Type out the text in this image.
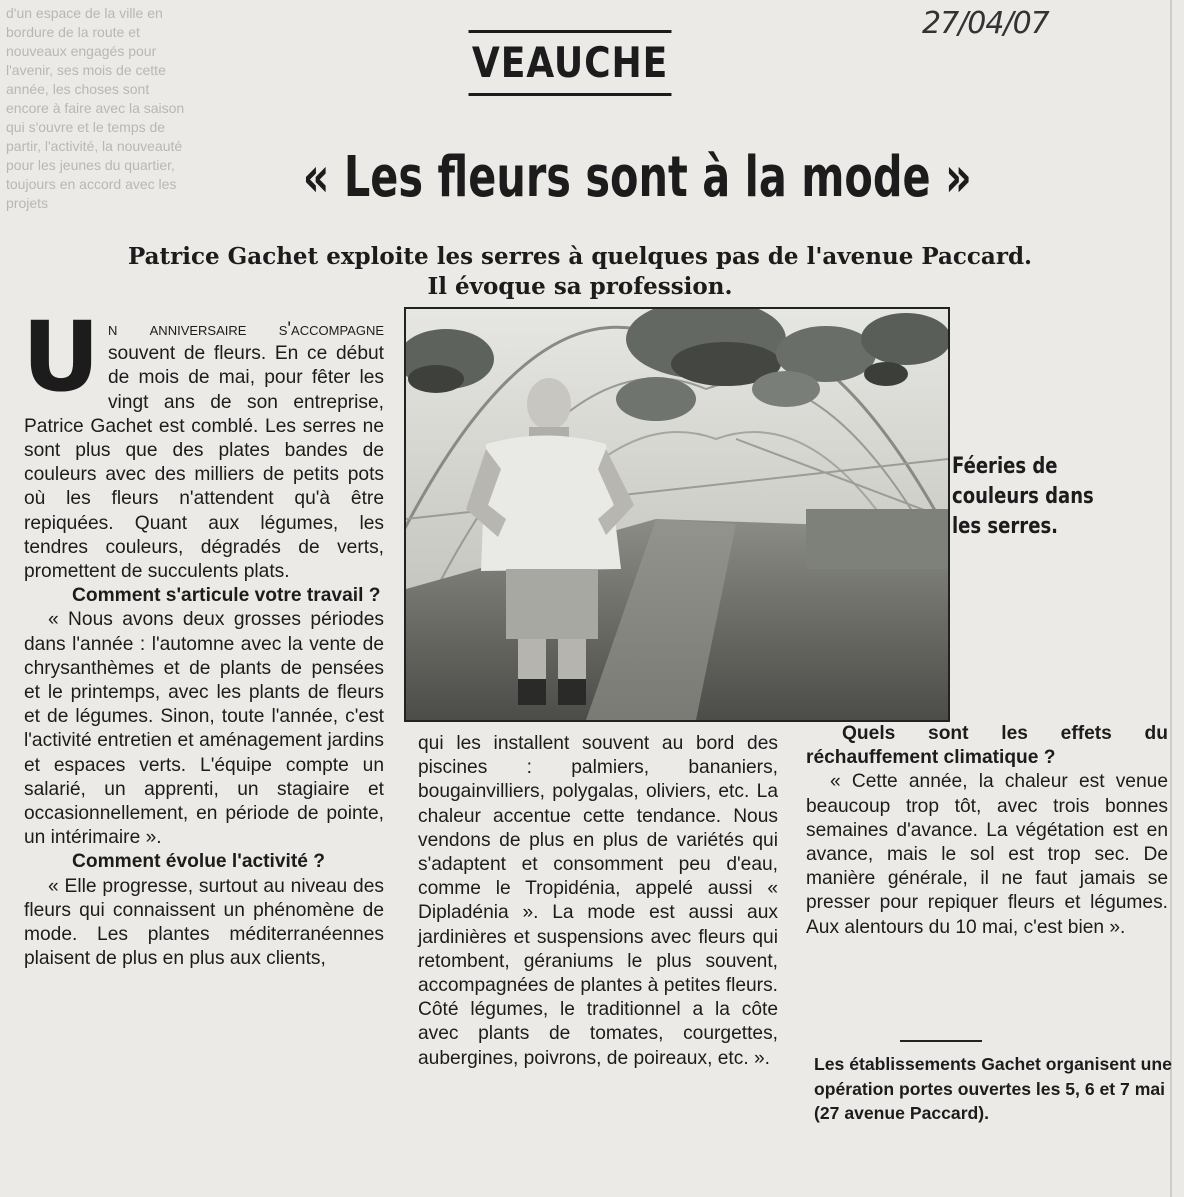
d'un espace de la ville en bordure de la route et nouveaux engagés pour l'avenir, ses mois de cette année, les choses sont encore à faire avec la saison qui s'ouvre et le temps de partir, l'activité, la nouveauté pour les jeunes du quartier, toujours en accord avec les projets
27/04/07
VEAUCHE
« Les fleurs sont à la mode »
Patrice Gachet exploite les serres à quelques pas de l'avenue Paccard.
Il évoque sa profession.

Un anniversaire s'accompagne souvent de fleurs. En ce début de mois de mai, pour fêter les vingt ans de son entreprise, Patrice Gachet est comblé. Les serres ne sont plus que des plates bandes de couleurs avec des milliers de petits pots où les fleurs n'attendent qu'à être repiquées. Quant aux légumes, les tendres couleurs, dégradés de verts, promettent de succulents plats.

Comment s'articule votre travail ?

« Nous avons deux grosses périodes dans l'année : l'automne avec la vente de chrysanthèmes et de plants de pensées et le printemps, avec les plants de fleurs et de légumes. Sinon, toute l'année, c'est l'activité entretien et aménagement jardins et espaces verts. L'équipe compte un salarié, un apprenti, un stagiaire et occasionnellement, en période de pointe, un intérimaire ».

Comment évolue l'activité ?

« Elle progresse, surtout au niveau des fleurs qui connaissent un phénomène de mode. Les plantes méditerranéennes plaisent de plus en plus aux clients,

Féeries de couleurs dans les serres.

qui les installent souvent au bord des piscines : palmiers, bananiers, bougainvilliers, polygalas, oliviers, etc. La chaleur accentue cette tendance. Nous vendons de plus en plus de variétés qui s'adaptent et consomment peu d'eau, comme le Tropidénia, appelé aussi « Dipladénia ». La mode est aussi aux jardinières et suspensions avec fleurs qui retombent, géraniums le plus souvent, accompagnées de plantes à petites fleurs. Côté légumes, le traditionnel a la côte avec plants de tomates, courgettes, aubergines, poivrons, de poireaux, etc. ».

Quels sont les effets du réchauffement climatique ?

« Cette année, la chaleur est venue beaucoup trop tôt, avec trois bonnes semaines d'avance. La végétation est en avance, mais le sol est trop sec. De manière générale, il ne faut jamais se presser pour repiquer fleurs et légumes. Aux alentours du 10 mai, c'est bien ».

Les établissements Gachet organisent une opération portes ouvertes les 5, 6 et 7 mai (27 avenue Paccard).
